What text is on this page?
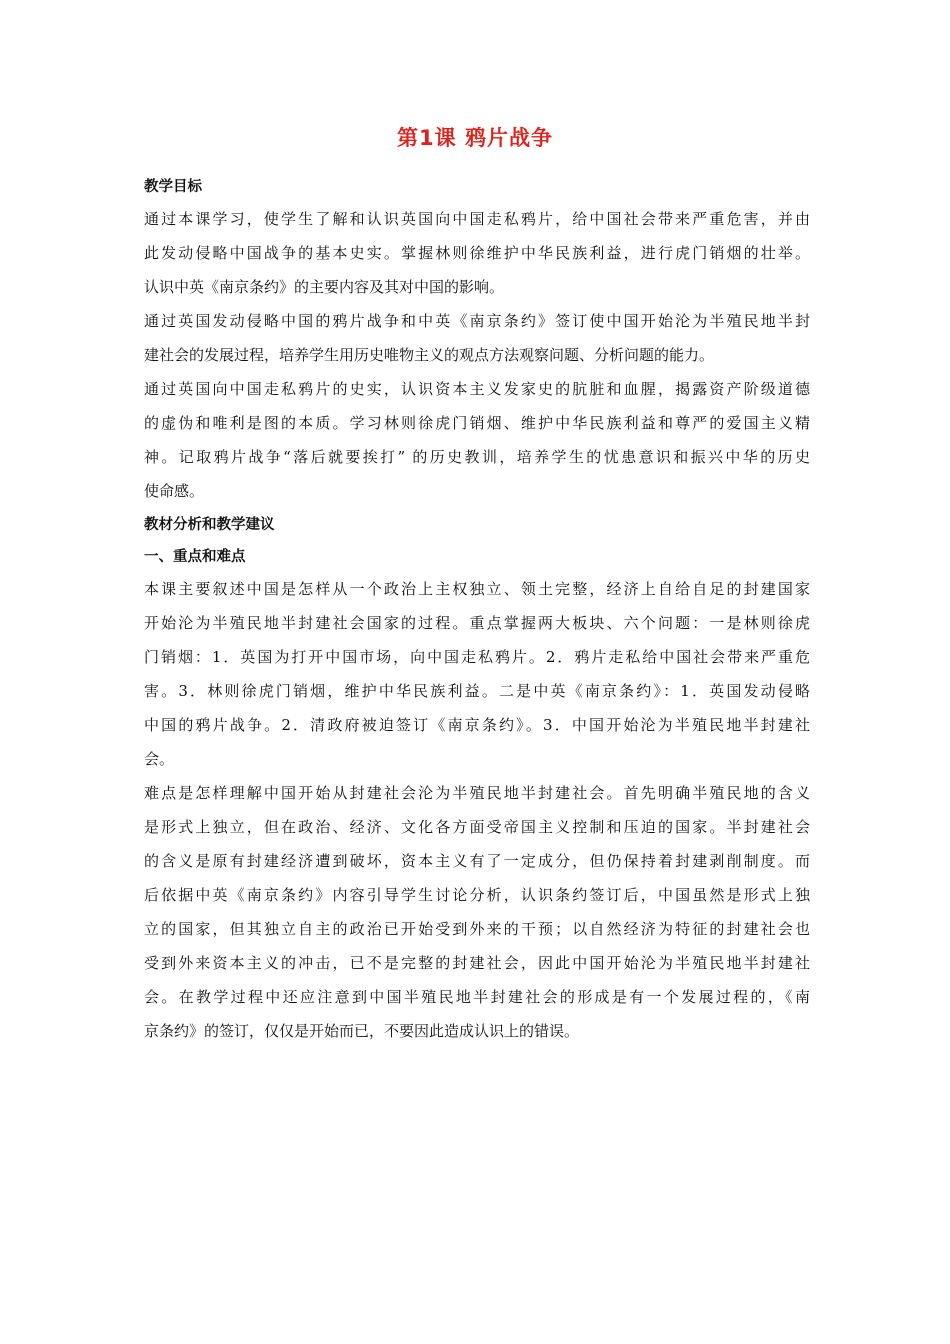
第1课 鸦片战争

教学目标

通过本课学习，使学生了解和认识英国向中国走私鸦片，给中国社会带来严重危害，并由

此发动侵略中国战争的基本史实。掌握林则徐维护中华民族利益，进行虎门销烟的壮举。

认识中英《南京条约》的主要内容及其对中国的影响。

通过英国发动侵略中国的鸦片战争和中英《南京条约》签订使中国开始沦为半殖民地半封

建社会的发展过程，培养学生用历史唯物主义的观点方法观察问题、分析问题的能力。

通过英国向中国走私鸦片的史实，认识资本主义发家史的肮脏和血腥，揭露资产阶级道德

的虚伪和唯利是图的本质。学习林则徐虎门销烟、维护中华民族利益和尊严的爱国主义精

神。记取鸦片战争“落后就要挨打” 的历史教训，培养学生的忧患意识和振兴中华的历史

使命感。

教材分析和教学建议

一、重点和难点

本课主要叙述中国是怎样从一个政治上主权独立、领土完整，经济上自给自足的封建国家

开始沦为半殖民地半封建社会国家的过程。重点掌握两大板块、六个问题：一是林则徐虎

门销烟：1．英国为打开中国市场，向中国走私鸦片。2．鸦片走私给中国社会带来严重危

害。3．林则徐虎门销烟，维护中华民族利益。二是中英《南京条约》：1．英国发动侵略

中国的鸦片战争。2．清政府被迫签订《南京条约》。3．中国开始沦为半殖民地半封建社

会。

难点是怎样理解中国开始从封建社会沦为半殖民地半封建社会。首先明确半殖民地的含义

是形式上独立，但在政治、经济、文化各方面受帝国主义控制和压迫的国家。半封建社会

的含义是原有封建经济遭到破坏，资本主义有了一定成分，但仍保持着封建剥削制度。而

后依据中英《南京条约》内容引导学生讨论分析，认识条约签订后，中国虽然是形式上独

立的国家，但其独立自主的政治已开始受到外来的干预；以自然经济为特征的封建社会也

受到外来资本主义的冲击，已不是完整的封建社会，因此中国开始沦为半殖民地半封建社

会。在教学过程中还应注意到中国半殖民地半封建社会的形成是有一个发展过程的，《南

京条约》的签订，仅仅是开始而已，不要因此造成认识上的错误。
